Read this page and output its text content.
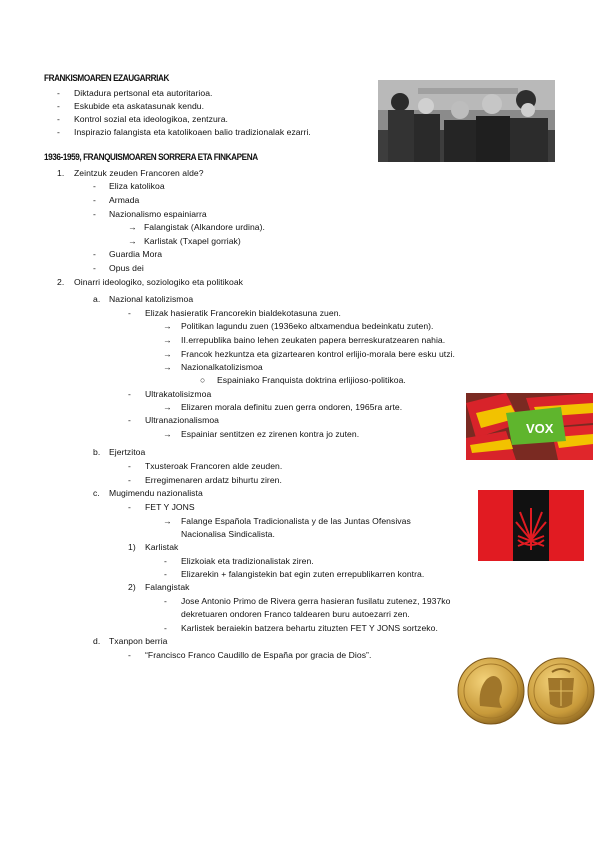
FRANKISMOAREN EZAUGARRIAK
- Diktadura pertsonal eta autoritarioa.
- Eskubide eta askatasunak kendu.
- Kontrol sozial eta ideologikoa, zentzura.
- Inspirazio falangista eta katolikoaen balio tradizionalak ezarri.
1936-1959, FRANQUISMOAREN SORRERA ETA FINKAPENA
1. Zeintzuk zeuden Francoren alde?
- Eliza katolikoa
- Armada
- Nazionalismo espainiarra
→ Falangistak (Alkandore urdina).
→ Karlistak (Txapel gorriak)
- Guardia Mora
- Opus dei
2. Oinarri ideologiko, soziologiko eta politikoak
a. Nazional katolizismoa
- Elizak hasieratik Francorekin bialdekotasuna zuen.
→ Politikan lagundu zuen (1936eko altxamendua bedeinkatu zuten).
→ II.errepublika baino lehen zeukaten papera berreskuratzearen nahia.
→ Francok hezkuntza eta gizartearen kontrol erlijio-morala bere esku utzi.
→ Nazionalkatolizismoa
○ Espainiako Franquista doktrina erlijioso-politikoa.
- Ultrakatolisizmoa
→ Elizaren morala definitu zuen gerra ondoren, 1965ra arte.
- Ultranazionalismoa
→ Espainiar sentitzen ez zirenen kontra jo zuten.	VOX
b. Ejertzitoa
- Txusteroak Francoren alde zeuden.
- Erregimenaren ardatz bihurtu ziren.
c. Mugimendu nazionalista
- FET Y JONS
→ Falange Española Tradicionalista y de las Juntas Ofensivas
Nacionalisa Sindicalista.
1) Karlistak
- Elizkoiak eta tradizionalistak ziren.
- Elizarekin + falangistekin bat egin zuten errepublikarren kontra.
2) Falangistak
- Jose Antonio Primo de Rivera gerra hasieran fusilatu zutenez, 1937ko
dekretuaren ondoren Franco taldearen buru autoezarri zen.
- Karlistek beraiekin batzera behartu zituzten FET Y JONS sortzeko.
d. Txanpon berria
- “Francisco Franco Caudillo de España por gracia de Dios”.
